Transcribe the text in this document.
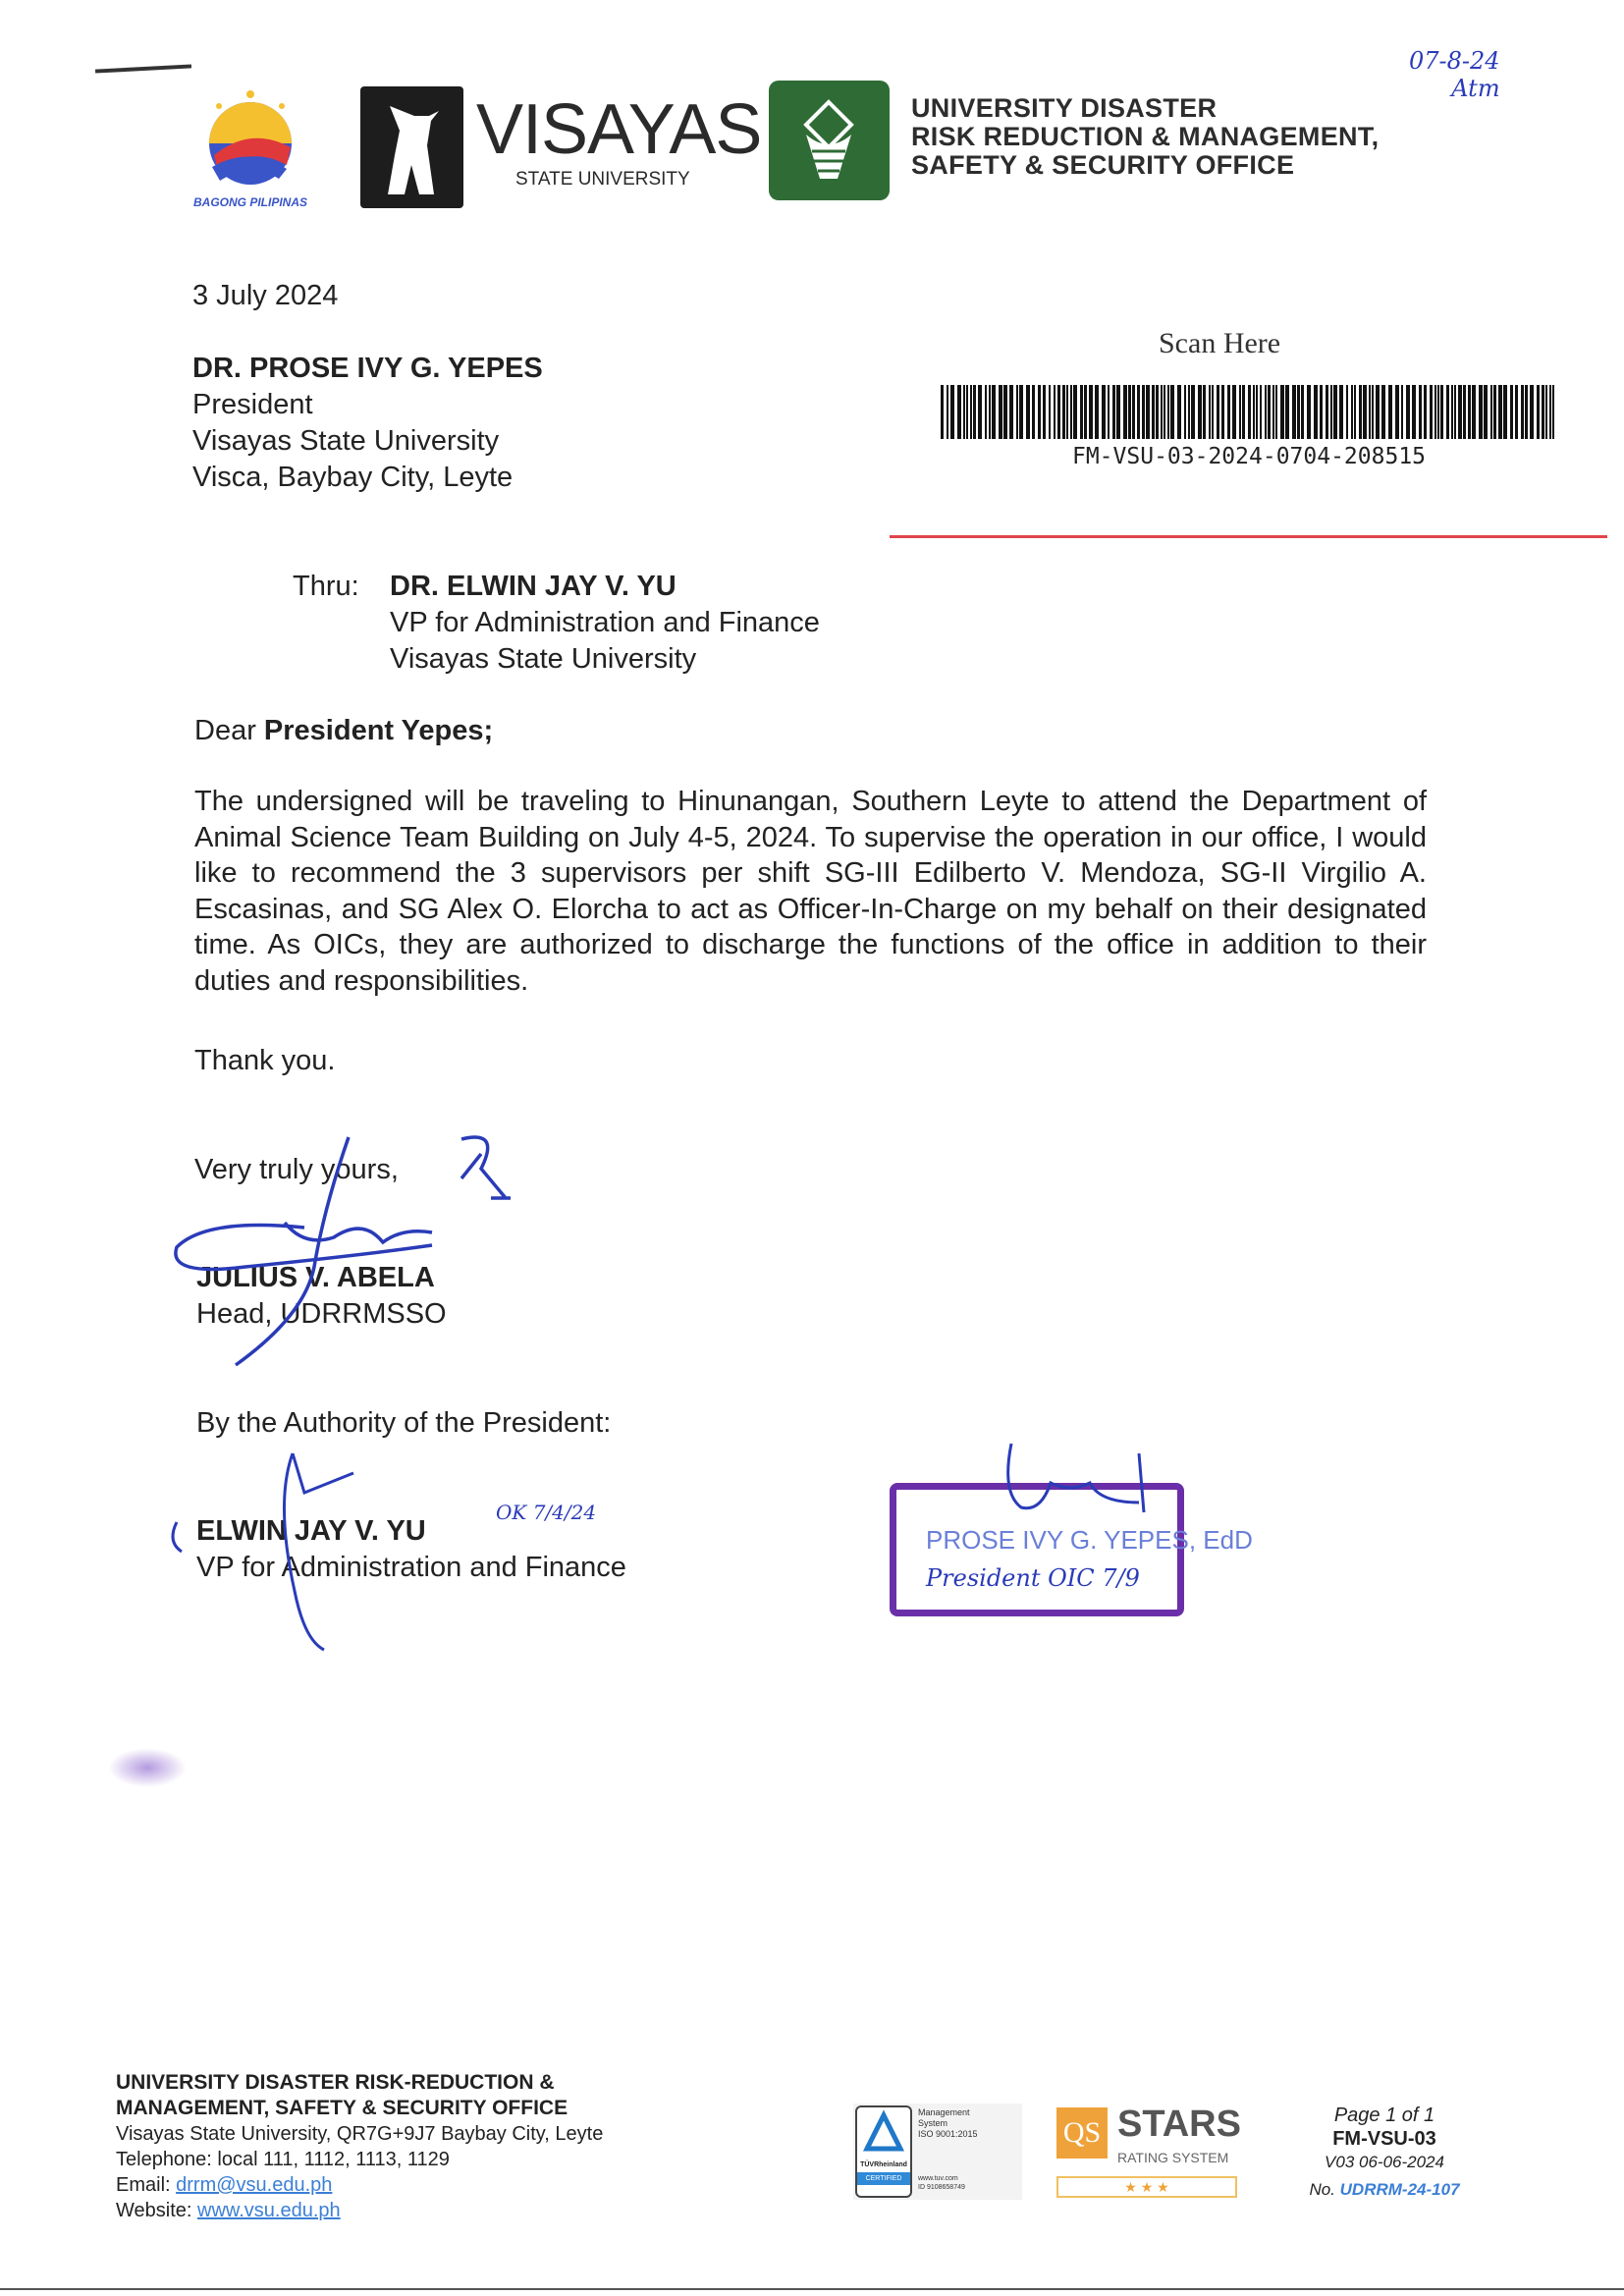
BAGONG PILIPINAS
VISAYAS
STATE UNIVERSITY
UNIVERSITY DISASTER
RISK REDUCTION & MANAGEMENT,
SAFETY & SECURITY OFFICE
07-8-24
Atm
Scan Here
FM-VSU-03-2024-0704-208515
3 July 2024
DR. PROSE IVY G. YEPES
President
Visayas State University
Visca, Baybay City, Leyte
Thru: DR. ELWIN JAY V. YU
VP for Administration and Finance
Visayas State University
Dear President Yepes;
The undersigned will be traveling to Hinunangan, Southern Leyte to attend the Department of Animal Science Team Building on July 4-5, 2024. To supervise the operation in our office, I would like to recommend the 3 supervisors per shift SG-III Edilberto V. Mendoza, SG-II Virgilio A. Escasinas, and SG Alex O. Elorcha to act as Officer-In-Charge on my behalf on their designated time. As OICs, they are authorized to discharge the functions of the office in addition to their duties and responsibilities.
Thank you.
Very truly yours,
JULIUS V. ABELA
Head, UDRRMSSO
By the Authority of the President:
ELWIN JAY V. YU
VP for Administration and Finance
OK 7/4/24
PROSE IVY G. YEPES, EdD
President OIC 7/9
UNIVERSITY DISASTER RISK-REDUCTION &
MANAGEMENT, SAFETY & SECURITY OFFICE
Visayas State University, QR7G+9J7 Baybay City, Leyte
Telephone: local 111, 1112, 1113, 1129
Email: drrm@vsu.edu.ph
Website: www.vsu.edu.ph
TÜVRheinland
CERTIFIED
Management
System
ISO 9001:2015
www.tuv.com
ID 9108658749
QS STARS
RATING SYSTEM
★ ★ ★
Page 1 of 1
FM-VSU-03
V03 06-06-2024
No. UDRRM-24-107
